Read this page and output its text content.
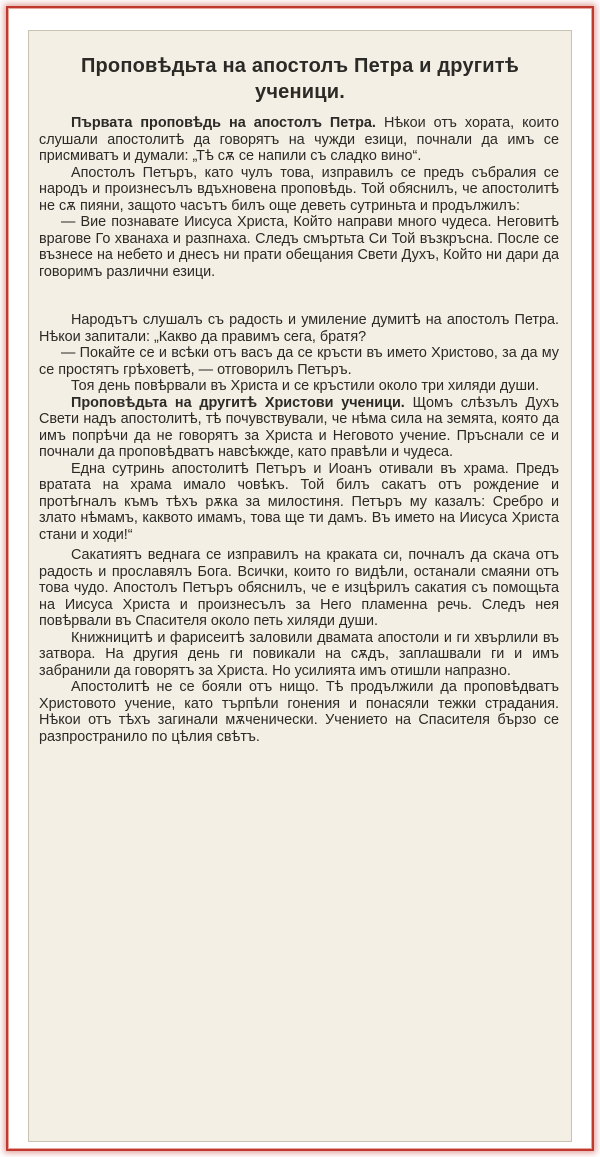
Проповѣдьта на апостолъ Петра и другитѣ ученици.

Първата проповѣдь на апостолъ Петра. Нѣкои отъ хората, които слушали апостолитѣ да говорятъ на чужди езици, почнали да имъ се присмиватъ и думали: „Тѣ сѫ се напили съ сладко вино“.

Апостолъ Петъръ, като чулъ това, изправилъ се предъ събралия се народъ и произнесълъ вдъхновена проповѣдь. Той обяснилъ, че апостолитѣ не сѫ пияни, защото часътъ билъ още деветь сутриньта и продължилъ:

— Вие познавате Иисуса Христа, Който направи много чудеса. Неговитѣ врагове Го хванаха и разпнаха. Следъ смъртьта Си Той възкръсна. После се възнесе на небето и днесъ ни прати обещания Свети Духъ, Който ни дари да говоримъ различни езици.

Народътъ слушалъ съ радость и умиление думитѣ на апостолъ Петра. Нѣкои запитали: „Какво да правимъ сега, братя?

— Покайте се и всѣки отъ васъ да се кръсти въ името Христово, за да му се простятъ грѣховетѣ, — отговорилъ Петъръ.

Тоя день повѣрвали въ Христа и се кръстили около три хиляди души.

Проповѣдьта на другитѣ Христови ученици. Щомъ слѣзълъ Духъ Свети надъ апостолитѣ, тѣ почувствували, че нѣма сила на земята, която да имъ попрѣчи да не говорятъ за Христа и Неговото учение. Пръснали се и почнали да проповѣдватъ навсѣкжде, като правѣли и чудеса.

Една сутринь апостолитѣ Петъръ и Иоанъ отивали въ храма. Предъ вратата на храма имало човѣкъ. Той билъ сакатъ отъ рождение и протѣгналъ къмъ тѣхъ рѫка за милостиня. Петъръ му казалъ: Сребро и злато нѣмамъ, каквото имамъ, това ще ти дамъ. Въ името на Иисуса Христа стани и ходи!“

Сакатиятъ веднага се изправилъ на краката си, почналъ да скача отъ радость и прославялъ Бога. Всички, които го видѣли, останали смаяни отъ това чудо. Апостолъ Петъръ обяснилъ, че е изцѣрилъ сакатия съ помощьта на Иисуса Христа и произнесълъ за Него пламенна речь. Следъ нея повѣрвали въ Спасителя около петь хиляди души.

Книжницитѣ и фарисеитѣ заловили двамата апостоли и ги хвърлили въ затвора. На другия день ги повикали на сѫдъ, заплашвали ги и имъ забранили да говорятъ за Христа. Но усилията имъ отишли напразно.

Апостолитѣ не се бояли отъ нищо. Тѣ продължили да проповѣдватъ Христовото учение, като търпѣли гонения и понасяли тежки страдания. Нѣкои отъ тѣхъ загинали мѫченически. Учението на Спасителя бързо се разпространило по цѣлия свѣтъ.
